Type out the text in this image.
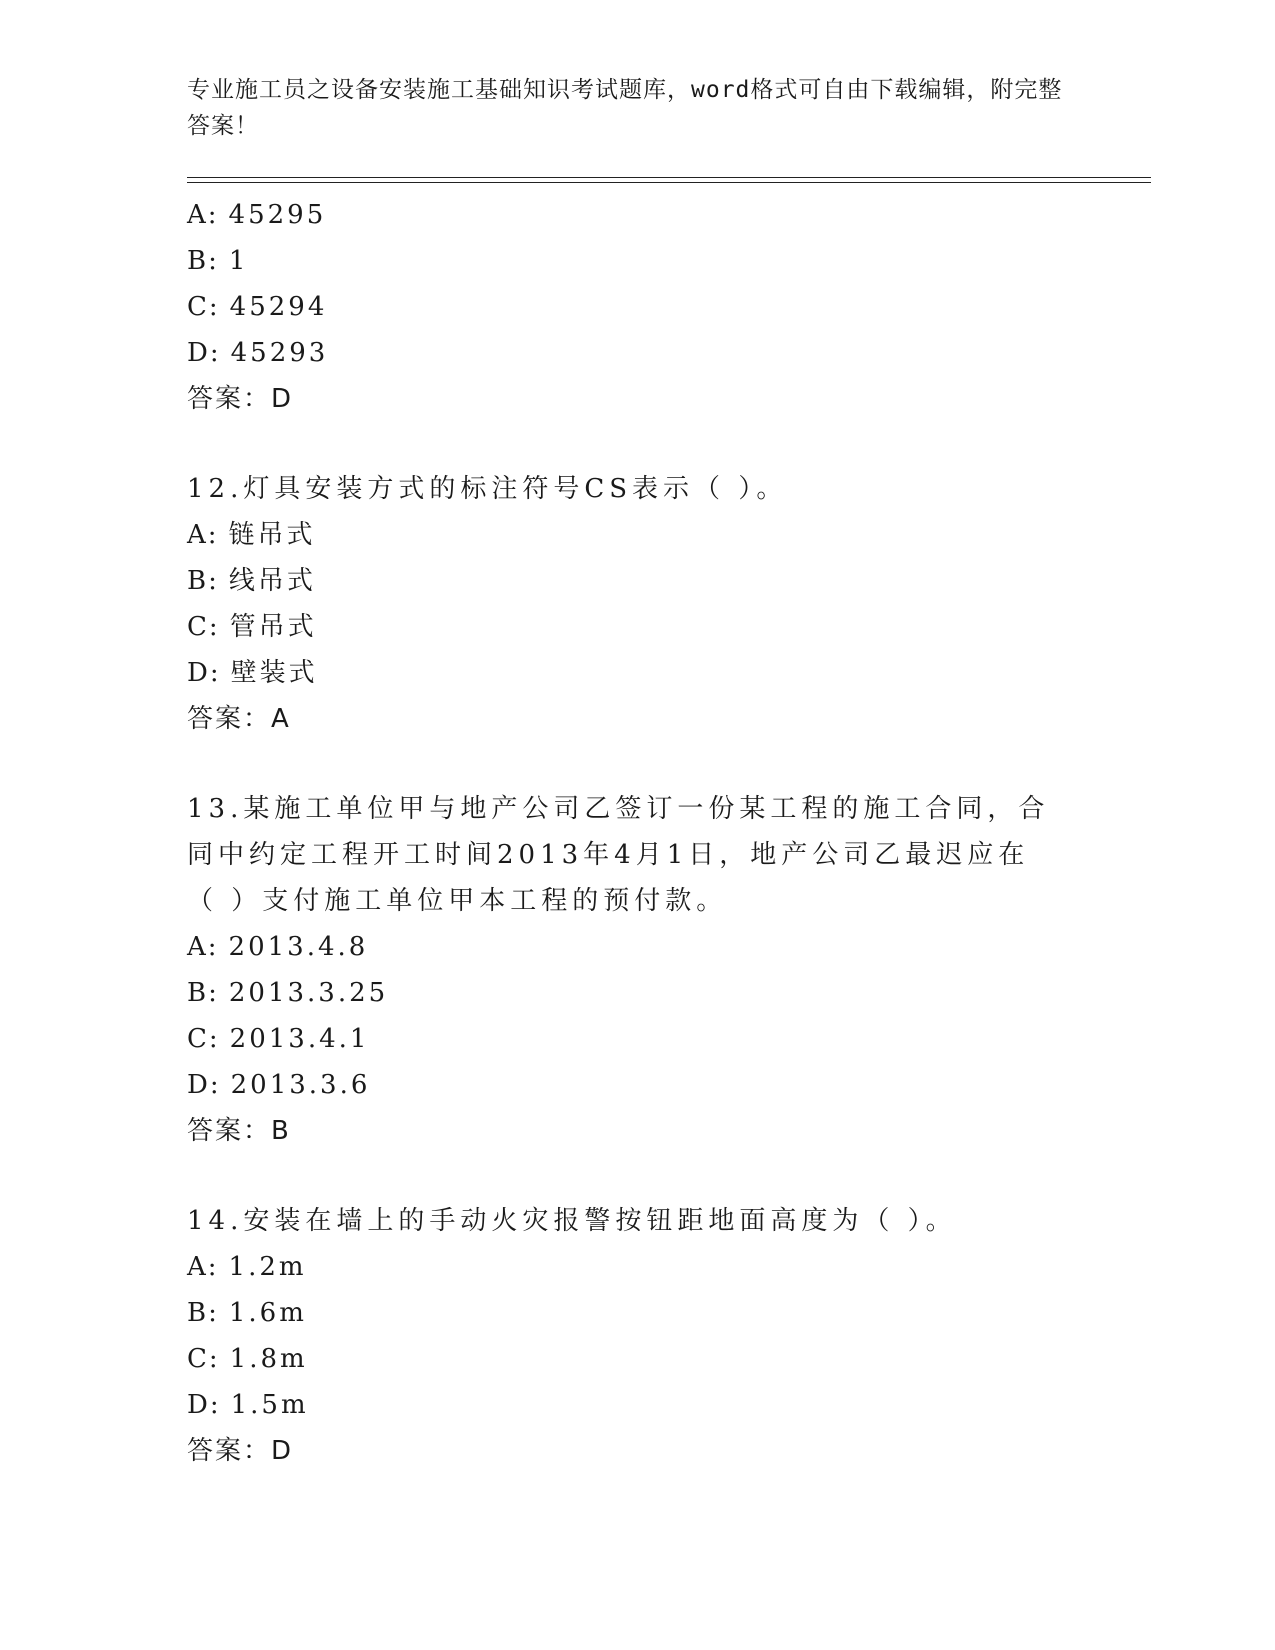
专业施工员之设备安装施工基础知识考试题库，word格式可自由下载编辑，附完整答案！
A: 45295
B: 1
C: 45294
D: 45293
答案：D
12.灯具安装方式的标注符号CS表示（ ）。
A: 链吊式
B: 线吊式
C: 管吊式
D: 壁装式
答案：A
13.某施工单位甲与地产公司乙签订一份某工程的施工合同，合同中约定工程开工时间2013年4月1日，地产公司乙最迟应在（ ）支付施工单位甲本工程的预付款。
A: 2013.4.8
B: 2013.3.25
C: 2013.4.1
D: 2013.3.6
答案：B
14.安装在墙上的手动火灾报警按钮距地面高度为（ ）。
A: 1.2m
B: 1.6m
C: 1.8m
D: 1.5m
答案：D
